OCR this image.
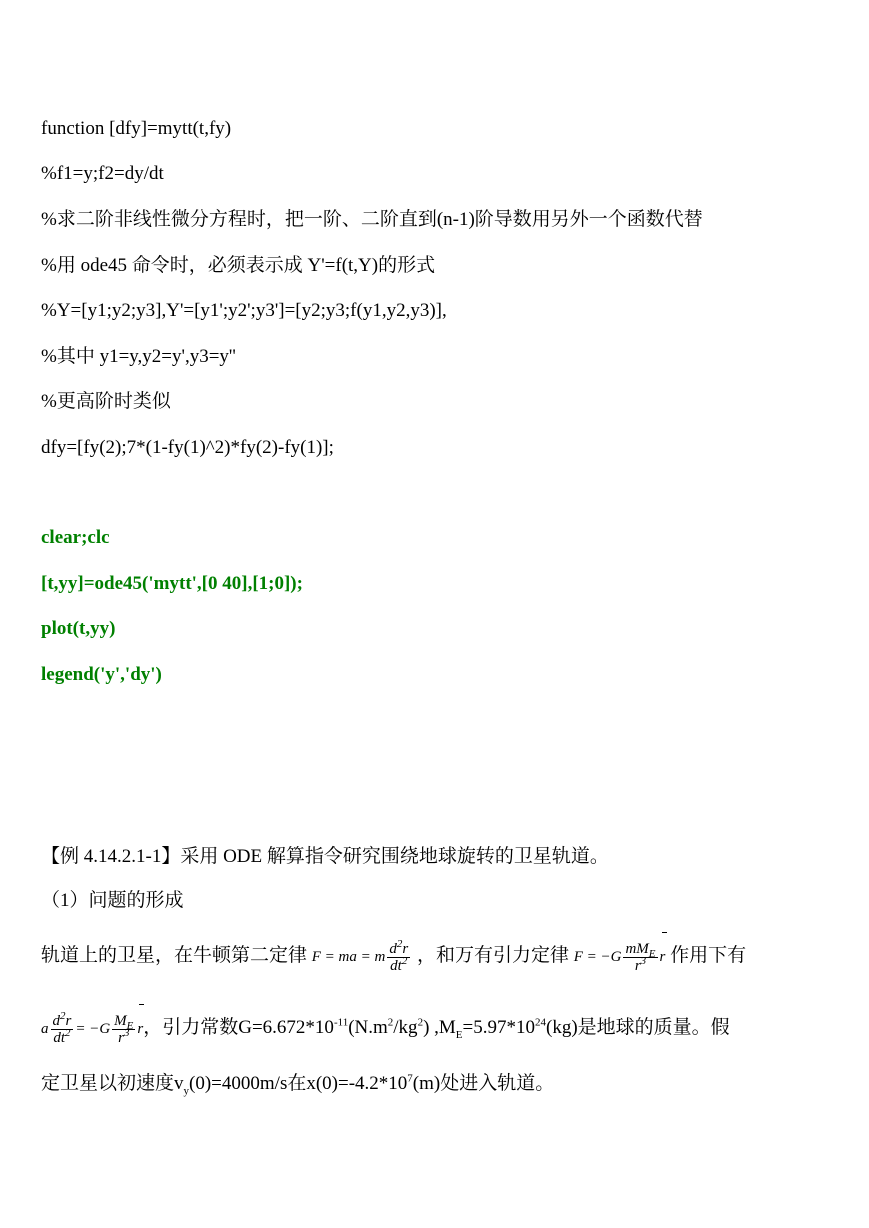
function [dfy]=mytt(t,fy)
%f1=y;f2=dy/dt
%求二阶非线性微分方程时，把一阶、二阶直到(n-1)阶导数用另外一个函数代替
%用 ode45 命令时，必须表示成 Y'=f(t,Y)的形式
%Y=[y1;y2;y3],Y'=[y1';y2';y3']=[y2;y3;f(y1,y2,y3)],
%其中 y1=y,y2=y',y3=y''
%更高阶时类似
dfy=[fy(2);7*(1-fy(1)^2)*fy(2)-fy(1)];
clear;clc
[t,yy]=ode45('mytt',[0 40],[1;0]);
plot(t,yy)
legend('y','dy')
【例 4.14.2.1-1】采用 ODE 解算指令研究围绕地球旋转的卫星轨道。
（1）问题的形成
轨道上的卫星，在牛顿第二定律 F = ma = m $\frac{d^2r}{dt^2}$ ，和万有引力定律 $F = -G \frac{mM_E}{r^3}$ r 作用下有
a $\frac{d^2r}{dt^2} = -G \frac{M_E}{r^3}$ r，引力常数$G=6.672*10^{-11}(N.m^2/kg^2)$ $,M_E=5.97*10^{24}(kg)$是地球的质量。假
定卫星以初速度$v_y(0)=4000m/s$在$x(0)=-4.2*10^7(m)$处进入轨道。
